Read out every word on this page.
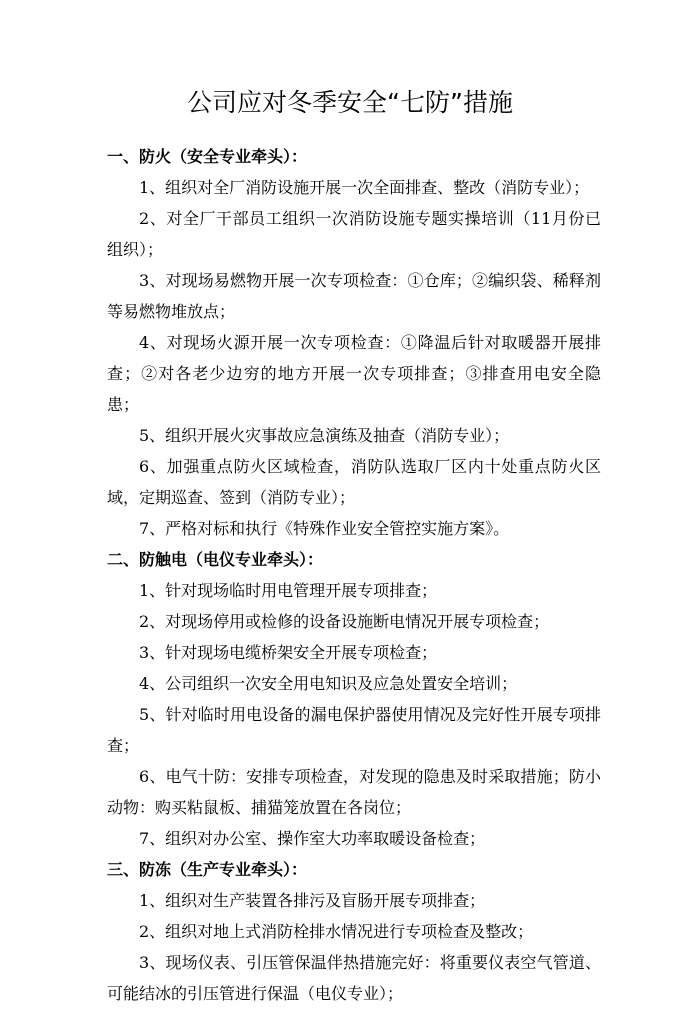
公司应对冬季安全“七防”措施

一、防火（安全专业牵头）：

1、组织对全厂消防设施开展一次全面排查、整改（消防专业）；

2、对全厂干部员工组织一次消防设施专题实操培训（11月份已组织）；

3、对现场易燃物开展一次专项检查：①仓库；②编织袋、稀释剂等易燃物堆放点；

4、对现场火源开展一次专项检查：①降温后针对取暖器开展排查；②对各老少边穷的地方开展一次专项排查；③排查用电安全隐患；

5、组织开展火灾事故应急演练及抽查（消防专业）；

6、加强重点防火区域检查，消防队选取厂区内十处重点防火区域，定期巡查、签到（消防专业）；

7、严格对标和执行《特殊作业安全管控实施方案》。

二、防触电（电仪专业牵头）：

1、针对现场临时用电管理开展专项排查；

2、对现场停用或检修的设备设施断电情况开展专项检查；

3、针对现场电缆桥架安全开展专项检查；

4、公司组织一次安全用电知识及应急处置安全培训；

5、针对临时用电设备的漏电保护器使用情况及完好性开展专项排查；

6、电气十防：安排专项检查，对发现的隐患及时采取措施；防小动物：购买粘鼠板、捕猫笼放置在各岗位；

7、组织对办公室、操作室大功率取暖设备检查；

三、防冻（生产专业牵头）：

1、组织对生产装置各排污及盲肠开展专项排查；

2、组织对地上式消防栓排水情况进行专项检查及整改；

3、现场仪表、引压管保温伴热措施完好：将重要仪表空气管道、可能结冰的引压管进行保温（电仪专业）；
